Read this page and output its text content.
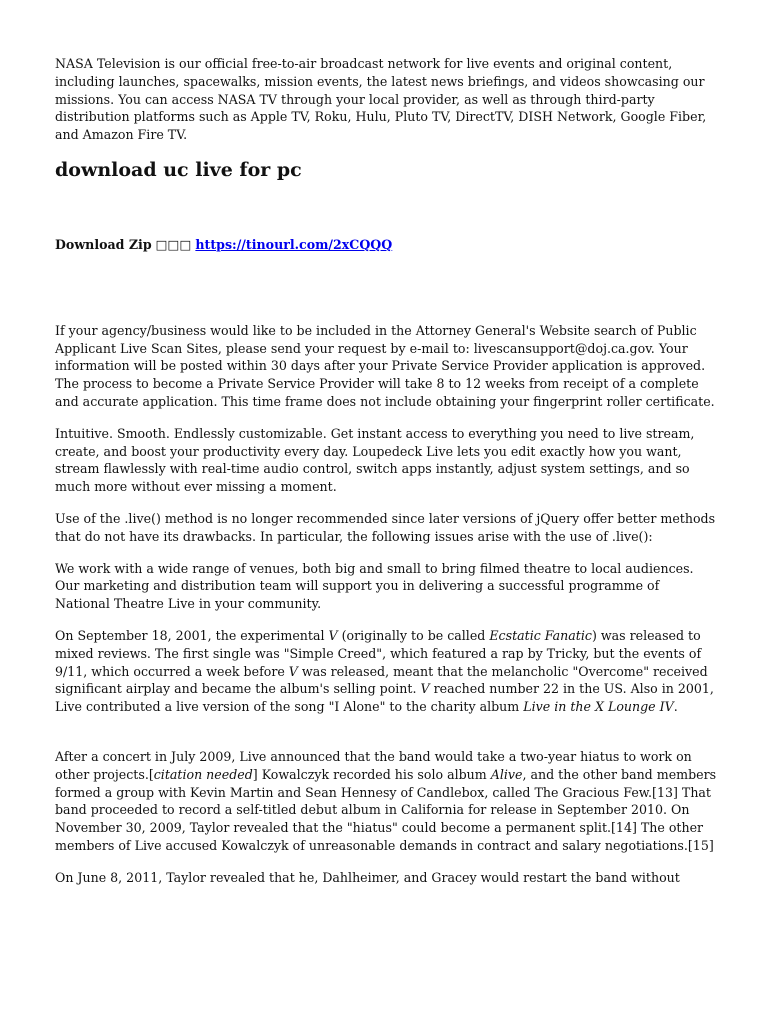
NASA Television is our official free-to-air broadcast network for live events and original content, including launches, spacewalks, mission events, the latest news briefings, and videos showcasing our missions. You can access NASA TV through your local provider, as well as through third-party distribution platforms such as Apple TV, Roku, Hulu, Pluto TV, DirectTV, DISH Network, Google Fiber, and Amazon Fire TV.

download uc live for pc

Download Zip □□□ https://tinourl.com/2xCQQQ

If your agency/business would like to be included in the Attorney General's Website search of Public Applicant Live Scan Sites, please send your request by e-mail to: livescansupport@doj.ca.gov. Your information will be posted within 30 days after your Private Service Provider application is approved. The process to become a Private Service Provider will take 8 to 12 weeks from receipt of a complete and accurate application. This time frame does not include obtaining your fingerprint roller certificate.

Intuitive. Smooth. Endlessly customizable. Get instant access to everything you need to live stream, create, and boost your productivity every day. Loupedeck Live lets you edit exactly how you want, stream flawlessly with real-time audio control, switch apps instantly, adjust system settings, and so much more without ever missing a moment.

Use of the .live() method is no longer recommended since later versions of jQuery offer better methods that do not have its drawbacks. In particular, the following issues arise with the use of .live():

We work with a wide range of venues, both big and small to bring filmed theatre to local audiences. Our marketing and distribution team will support you in delivering a successful programme of National Theatre Live in your community.

On September 18, 2001, the experimental V (originally to be called Ecstatic Fanatic) was released to mixed reviews. The first single was "Simple Creed", which featured a rap by Tricky, but the events of 9/11, which occurred a week before V was released, meant that the melancholic "Overcome" received significant airplay and became the album's selling point. V reached number 22 in the US. Also in 2001, Live contributed a live version of the song "I Alone" to the charity album Live in the X Lounge IV.

After a concert in July 2009, Live announced that the band would take a two-year hiatus to work on other projects.[citation needed] Kowalczyk recorded his solo album Alive, and the other band members formed a group with Kevin Martin and Sean Hennesy of Candlebox, called The Gracious Few.[13] That band proceeded to record a self-titled debut album in California for release in September 2010. On November 30, 2009, Taylor revealed that the "hiatus" could become a permanent split.[14] The other members of Live accused Kowalczyk of unreasonable demands in contract and salary negotiations.[15]

On June 8, 2011, Taylor revealed that he, Dahlheimer, and Gracey would restart the band without
